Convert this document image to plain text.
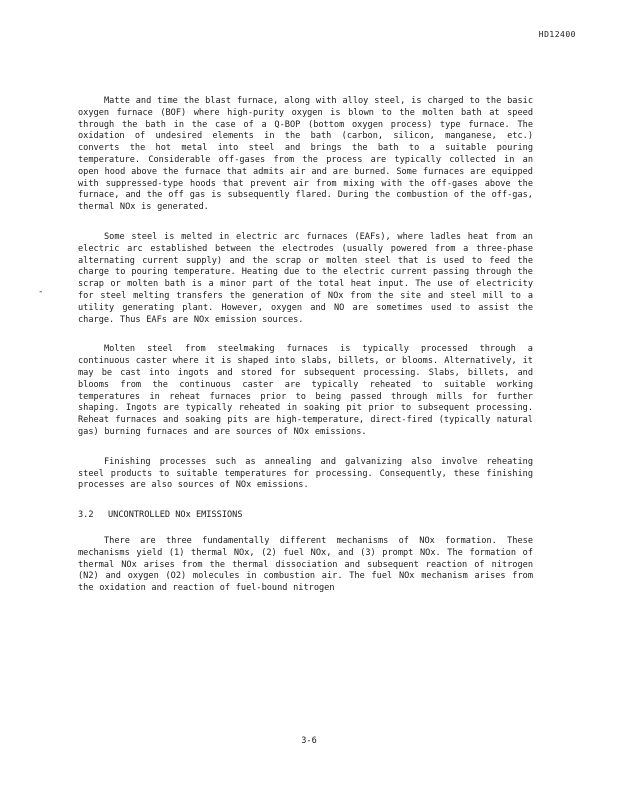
HD12400
-

Matte and time the blast furnace, along with alloy steel, is charged to the basic oxygen furnace (BOF) where high-purity oxygen is blown to the molten bath at speed through the bath in the case of a Q-BOP (bottom oxygen process) type furnace. The oxidation of undesired elements in the bath (carbon, silicon, manganese, etc.) converts the hot metal into steel and brings the bath to a suitable pouring temperature. Considerable off-gases from the process are typically collected in an open hood above the furnace that admits air and are burned. Some furnaces are equipped with suppressed-type hoods that prevent air from mixing with the off-gases above the furnace, and the off gas is subsequently flared. During the combustion of the off-gas, thermal NOx is generated.

Some steel is melted in electric arc furnaces (EAFs), where ladles heat from an electric arc established between the electrodes (usually powered from a three-phase alternating current supply) and the scrap or molten steel that is used to feed the charge to pouring temperature. Heating due to the electric current passing through the scrap or molten bath is a minor part of the total heat input. The use of electricity for steel melting transfers the generation of NOx from the site and steel mill to a utility generating plant. However, oxygen and NO are sometimes used to assist the charge. Thus EAFs are NOx emission sources.

Molten steel from steelmaking furnaces is typically processed through a continuous caster where it is shaped into slabs, billets, or blooms. Alternatively, it may be cast into ingots and stored for subsequent processing. Slabs, billets, and blooms from the continuous caster are typically reheated to suitable working temperatures in reheat furnaces prior to being passed through mills for further shaping. Ingots are typically reheated in soaking pit prior to subsequent processing. Reheat furnaces and soaking pits are high-temperature, direct-fired (typically natural gas) burning furnaces and are sources of NOx emissions.

Finishing processes such as annealing and galvanizing also involve reheating steel products to suitable temperatures for processing. Consequently, these finishing processes are also sources of NOx emissions.

3.2	UNCONTROLLED NOx EMISSIONS

There are three fundamentally different mechanisms of NOx formation. These mechanisms yield (1) thermal NOx, (2) fuel NOx, and (3) prompt NOx. The formation of thermal NOx arises from the thermal dissociation and subsequent reaction of nitrogen (N2) and oxygen (O2) molecules in combustion air. The fuel NOx mechanism arises from the oxidation and reaction of fuel-bound nitrogen

3-6
